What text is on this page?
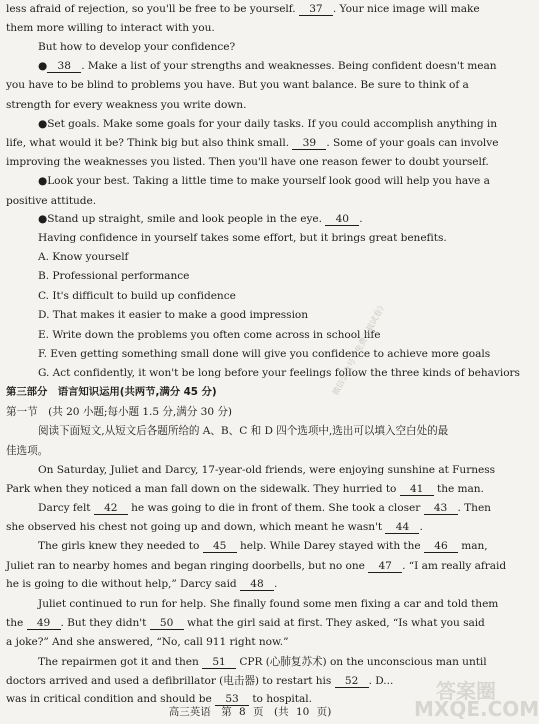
less afraid of rejection, so you'll be free to be yourself. 37 . Your nice image will make
them more willing to interact with you.
But how to develop your confidence?
● 38 . Make a list of your strengths and weaknesses. Being confident doesn't mean
you have to be blind to problems you have. But you want balance. Be sure to think of a
strength for every weakness you write down.
●Set goals. Make some goals for your daily tasks. If you could accomplish anything in
life, what would it be? Think big but also think small. 39 . Some of your goals can involve
improving the weaknesses you listed. Then you'll have one reason fewer to doubt yourself.
●Look your best. Taking a little time to make yourself look good will help you have a
positive attitude.
●Stand up straight, smile and look people in the eye. 40 .
Having confidence in yourself takes some effort, but it brings great benefits.
A. Know yourself
B. Professional performance
C. It's difficult to build up confidence
D. That makes it easier to make a good impression
E. Write down the problems you often come across in school life
F. Even getting something small done will give you confidence to achieve more goals
G. Act confidently, it won't be long before your feelings follow the three kinds of behaviors
第三部分　语言知识运用(共两节,满分 45 分)
第一节　(共 20 小题;每小题 1.5 分,满分 30 分)
阅读下面短文,从短文后各题所给的 A、B、C 和 D 四个选项中,选出可以填入空白处的最
佳选项。
On Saturday, Juliet and Darcy, 17-year-old friends, were enjoying sunshine at Furness
Park when they noticed a man fall down on the sidewalk. They hurried to 41 the man.
Darcy felt 42 he was going to die in front of them. She took a closer 43 . Then
she observed his chest not going up and down, which meant he wasn't 44 .
The girls knew they needed to 45 help. While Darey stayed with the 46 man,
Juliet ran to nearby homes and began ringing doorbells, but no one 47 . “I am really afraid
he is going to die without help,” Darcy said 48 .
Juliet continued to run for help. She finally found some men fixing a car and told them
the 49 . But they didn't 50 what the girl said at first. They asked, “Is what you said
a joke?” And she answered, “No, call 911 right now.”
The repairmen got it and then 51 CPR (心肺复苏术) on the unconscious man until
doctors arrived and used a defibrillator (电击器) to restart his 52 . D...
was in critical condition and should be 53 to hospital.
微信公众号《免费下载试卷》
答案圈 MXQE.COM
高三英语　第 8 页　(共 10 页)
